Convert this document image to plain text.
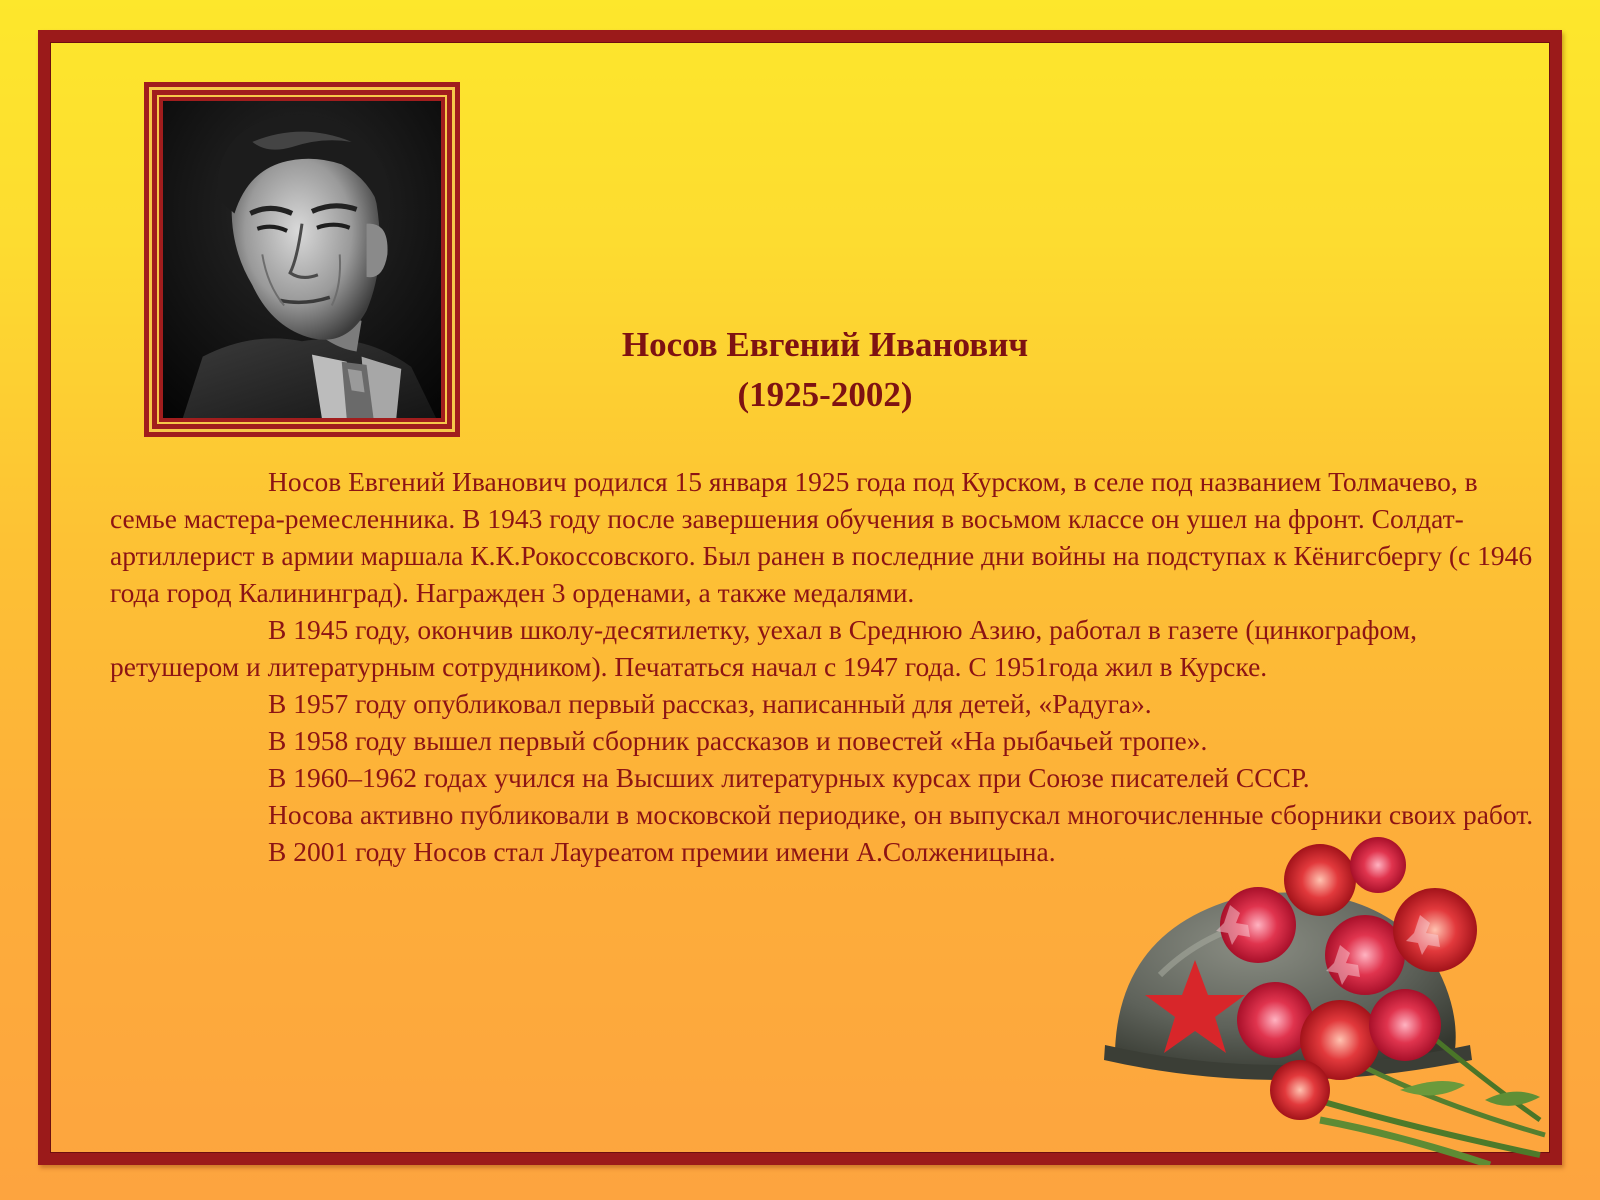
Носов Евгений Иванович
(1925-2002)

Носов Евгений Иванович родился 15 января 1925 года под Курском, в селе под названием Толмачево, в семье мастера-ремесленника. В 1943 году после завершения обучения в восьмом классе он ушел на фронт. Солдат-артиллерист в армии маршала К.К.Рокоссовского. Был ранен в последние дни войны на подступах к Кёнигсбергу (с 1946 года город Калининград). Награжден 3 орденами, а также медалями.

В 1945 году, окончив школу-десятилетку, уехал в Среднюю Азию, работал в газете (цинкографом, ретушером и литературным сотрудником). Печататься начал с 1947 года. С 1951года жил в Курске.

В 1957 году опубликовал первый рассказ, написанный для детей, «Радуга».

В 1958 году вышел первый сборник рассказов и повестей «На рыбачьей тропе».

В 1960–1962 годах учился на Высших литературных курсах при Союзе писателей СССР.

Носова активно публиковали в московской периодике, он выпускал многочисленные сборники своих работ.

В 2001 году Носов стал Лауреатом премии имени А.Солженицына.
